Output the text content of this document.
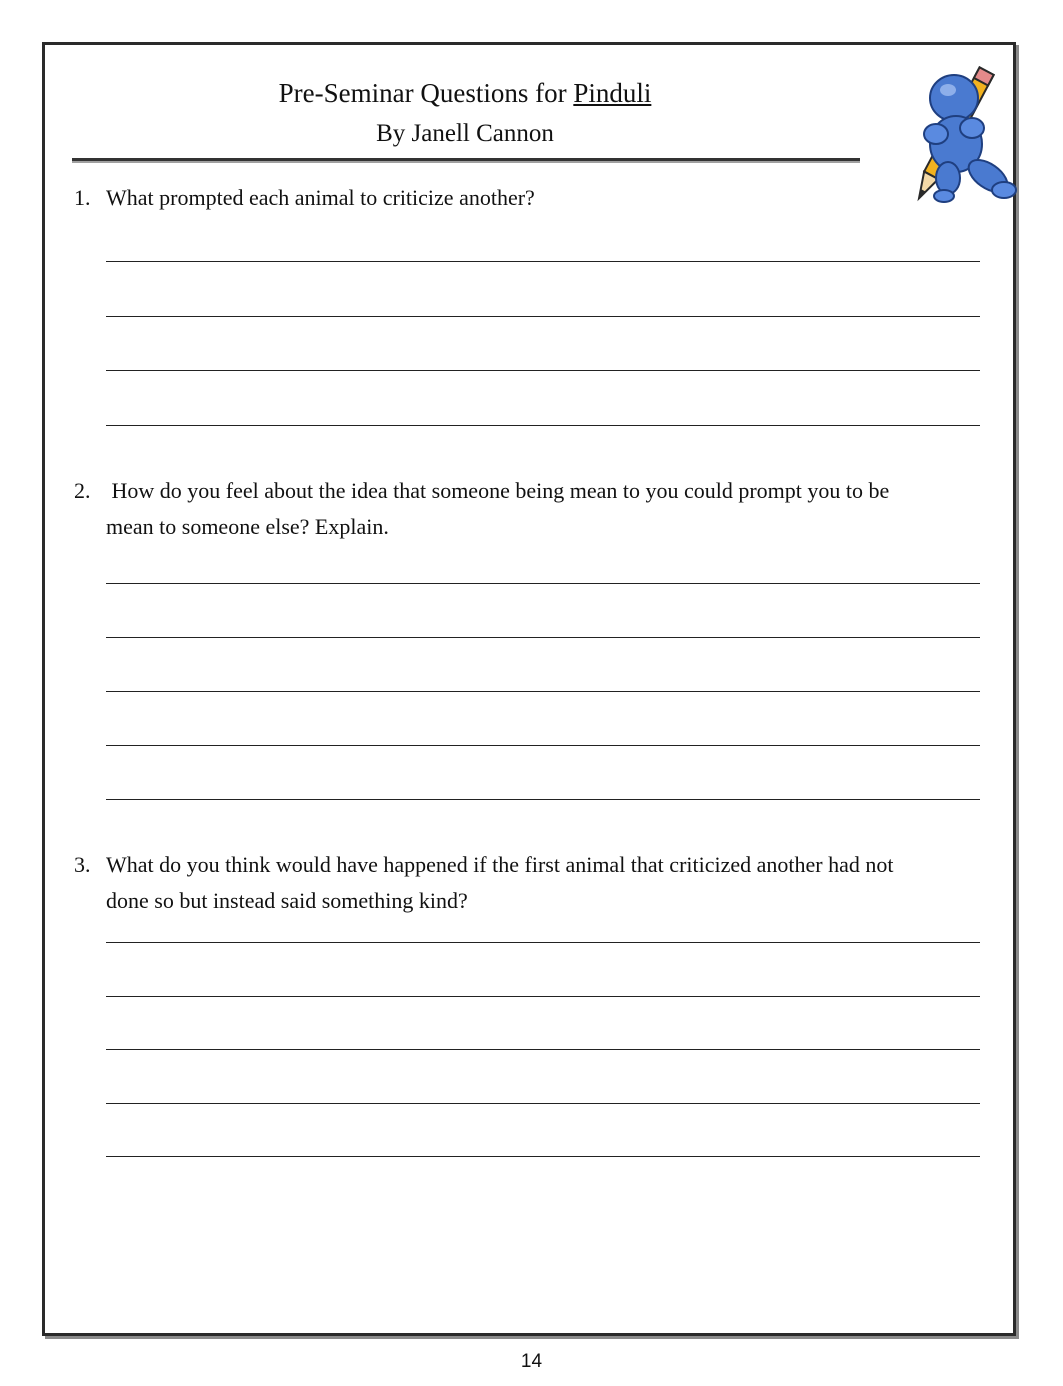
Pre-Seminar Questions for Pinduli
By Janell Cannon
1. What prompted each animal to criticize another?
2. How do you feel about the idea that someone being mean to you could prompt you to be
mean to someone else? Explain.
3. What do you think would have happened if the first animal that criticized another had not
done so but instead said something kind?
14
